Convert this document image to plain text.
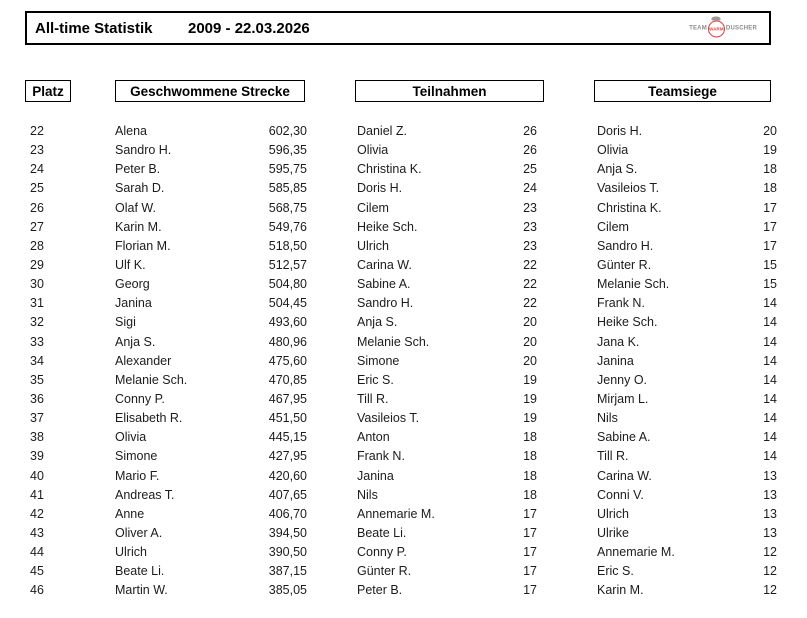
All-time Statistik 2009 - 22.03.2026	TEAM WARM DUSCHER
Platz	Geschwommene Strecke	Teilnahmen	Teamsiege
22	Alena	602,30	Daniel Z.	26	Doris H.	20
23	Sandro H.	596,35	Olivia	26	Olivia	19
24	Peter B.	595,75	Christina K.	25	Anja S.	18
25	Sarah D.	585,85	Doris H.	24	Vasileios T.	18
26	Olaf W.	568,75	Cilem	23	Christina K.	17
27	Karin M.	549,76	Heike Sch.	23	Cilem	17
28	Florian M.	518,50	Ulrich	23	Sandro H.	17
29	Ulf K.	512,57	Carina W.	22	Günter R.	15
30	Georg	504,80	Sabine A.	22	Melanie Sch.	15
31	Janina	504,45	Sandro H.	22	Frank N.	14
32	Sigi	493,60	Anja S.	20	Heike Sch.	14
33	Anja S.	480,96	Melanie Sch.	20	Jana K.	14
34	Alexander	475,60	Simone	20	Janina	14
35	Melanie Sch.	470,85	Eric S.	19	Jenny O.	14
36	Conny P.	467,95	Till R.	19	Mirjam L.	14
37	Elisabeth R.	451,50	Vasileios T.	19	Nils	14
38	Olivia	445,15	Anton	18	Sabine A.	14
39	Simone	427,95	Frank N.	18	Till R.	14
40	Mario F.	420,60	Janina	18	Carina W.	13
41	Andreas T.	407,65	Nils	18	Conni V.	13
42	Anne	406,70	Annemarie M.	17	Ulrich	13
43	Oliver A.	394,50	Beate Li.	17	Ulrike	13
44	Ulrich	390,50	Conny P.	17	Annemarie M.	12
45	Beate Li.	387,15	Günter R.	17	Eric S.	12
46	Martin W.	385,05	Peter B.	17	Karin M.	12
